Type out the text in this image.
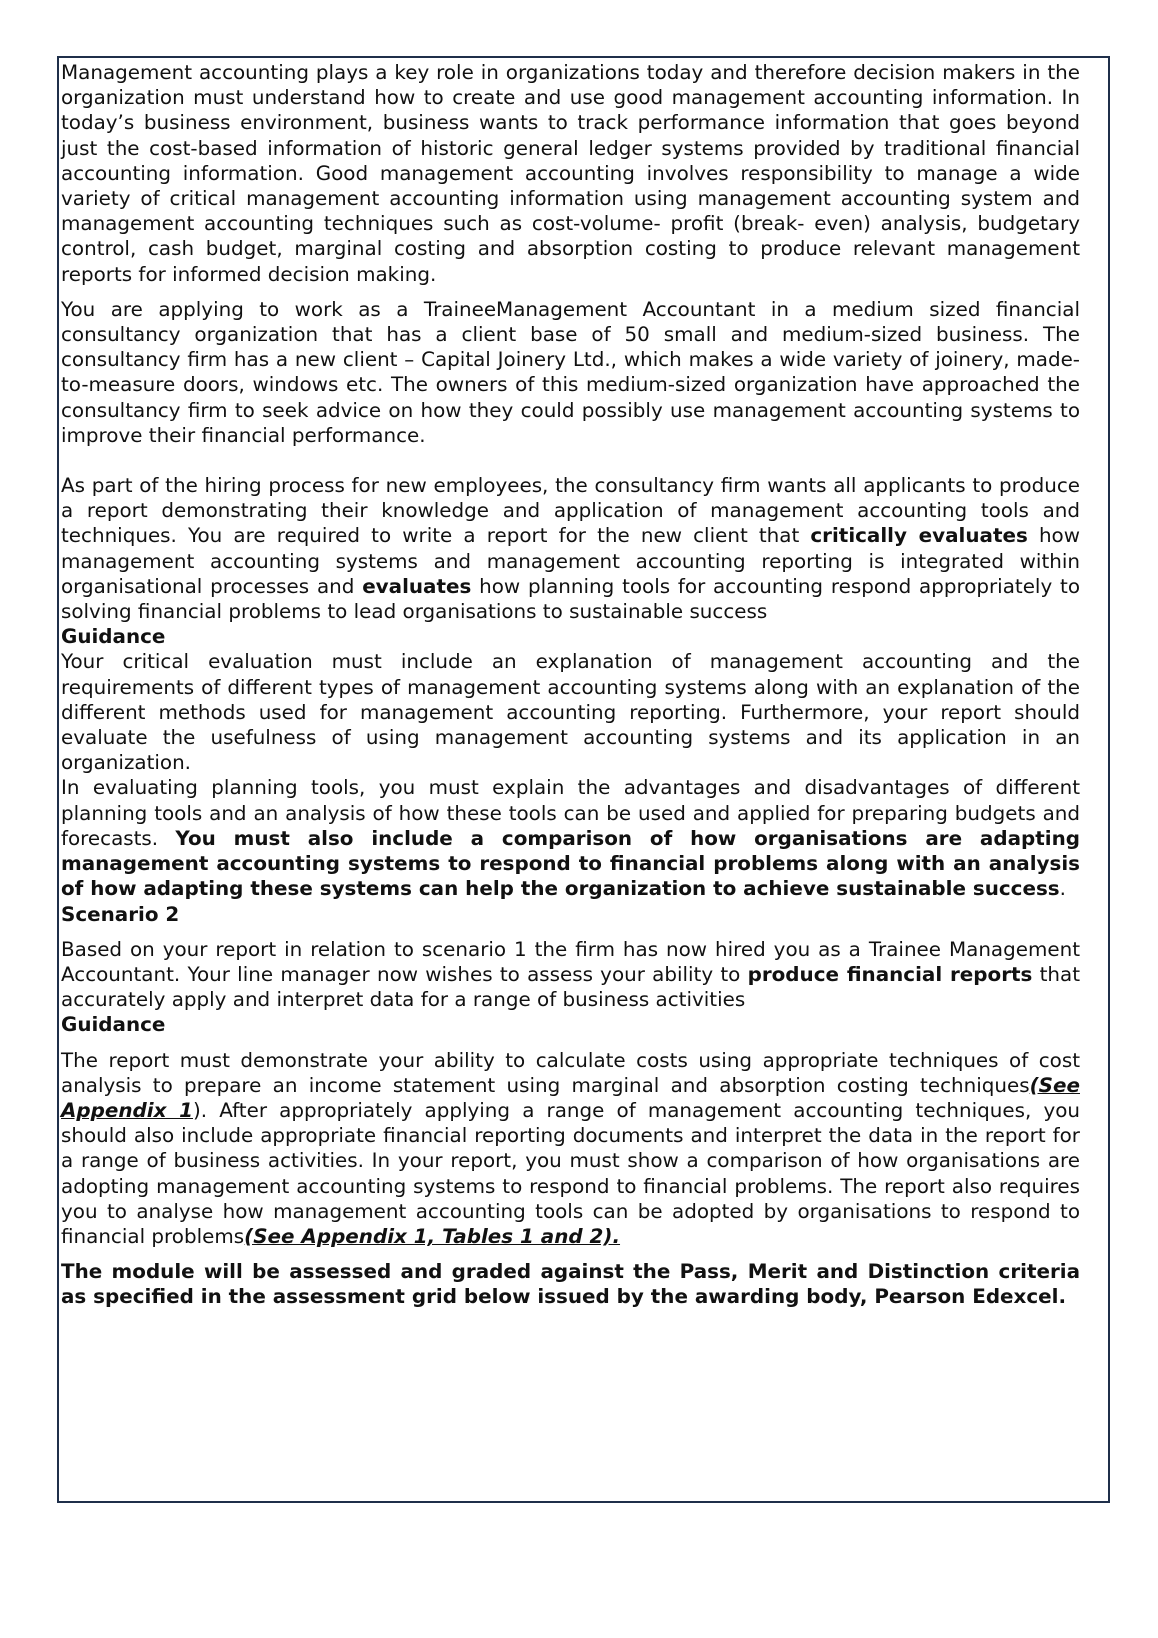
Management accounting plays a key role in organizations today and therefore decision makers in the organization must understand how to create and use good management accounting information. In today’s business environment, business wants to track performance information that goes beyond just the cost-based information of historic general ledger systems provided by traditional financial accounting information. Good management accounting involves responsibility to manage a wide variety of critical management accounting information using management accounting system and management accounting techniques such as cost-volume- profit (break- even) analysis, budgetary control, cash budget, marginal costing and absorption costing to produce relevant management reports for informed decision making.

You are applying to work as a TraineeManagement Accountant in a medium sized financial consultancy organization that has a client base of 50 small and medium-sized business. The consultancy firm has a new client – Capital Joinery Ltd., which makes a wide variety of joinery, made-to-measure doors, windows etc. The owners of this medium-sized organization have approached the consultancy firm to seek advice on how they could possibly use management accounting systems to improve their financial performance.

As part of the hiring process for new employees, the consultancy firm wants all applicants to produce a report demonstrating their knowledge and application of management accounting tools and techniques. You are required to write a report for the new client that critically evaluates how management accounting systems and management accounting reporting is integrated within organisational processes and evaluates how planning tools for accounting respond appropriately to solving financial problems to lead organisations to sustainable success

Guidance

Your critical evaluation must include an explanation of management accounting and the requirements of different types of management accounting systems along with an explanation of the different methods used for management accounting reporting. Furthermore, your report should evaluate the usefulness of using management accounting systems and its application in an organization.

In evaluating planning tools, you must explain the advantages and disadvantages of different planning tools and an analysis of how these tools can be used and applied for preparing budgets and forecasts. You must also include a comparison of how organisations are adapting management accounting systems to respond to financial problems along with an analysis of how adapting these systems can help the organization to achieve sustainable success.

Scenario 2

Based on your report in relation to scenario 1 the firm has now hired you as a Trainee Management Accountant. Your line manager now wishes to assess your ability to produce financial reports that accurately apply and interpret data for a range of business activities

Guidance

The report must demonstrate your ability to calculate costs using appropriate techniques of cost analysis to prepare an income statement using marginal and absorption costing techniques(See Appendix 1). After appropriately applying a range of management accounting techniques, you should also include appropriate financial reporting documents and interpret the data in the report for a range of business activities. In your report, you must show a comparison of how organisations are adopting management accounting systems to respond to financial problems. The report also requires you to analyse how management accounting tools can be adopted by organisations to respond to financial problems(See Appendix 1, Tables 1 and 2).

The module will be assessed and graded against the Pass, Merit and Distinction criteria as specified in the assessment grid below issued by the awarding body, Pearson Edexcel.
